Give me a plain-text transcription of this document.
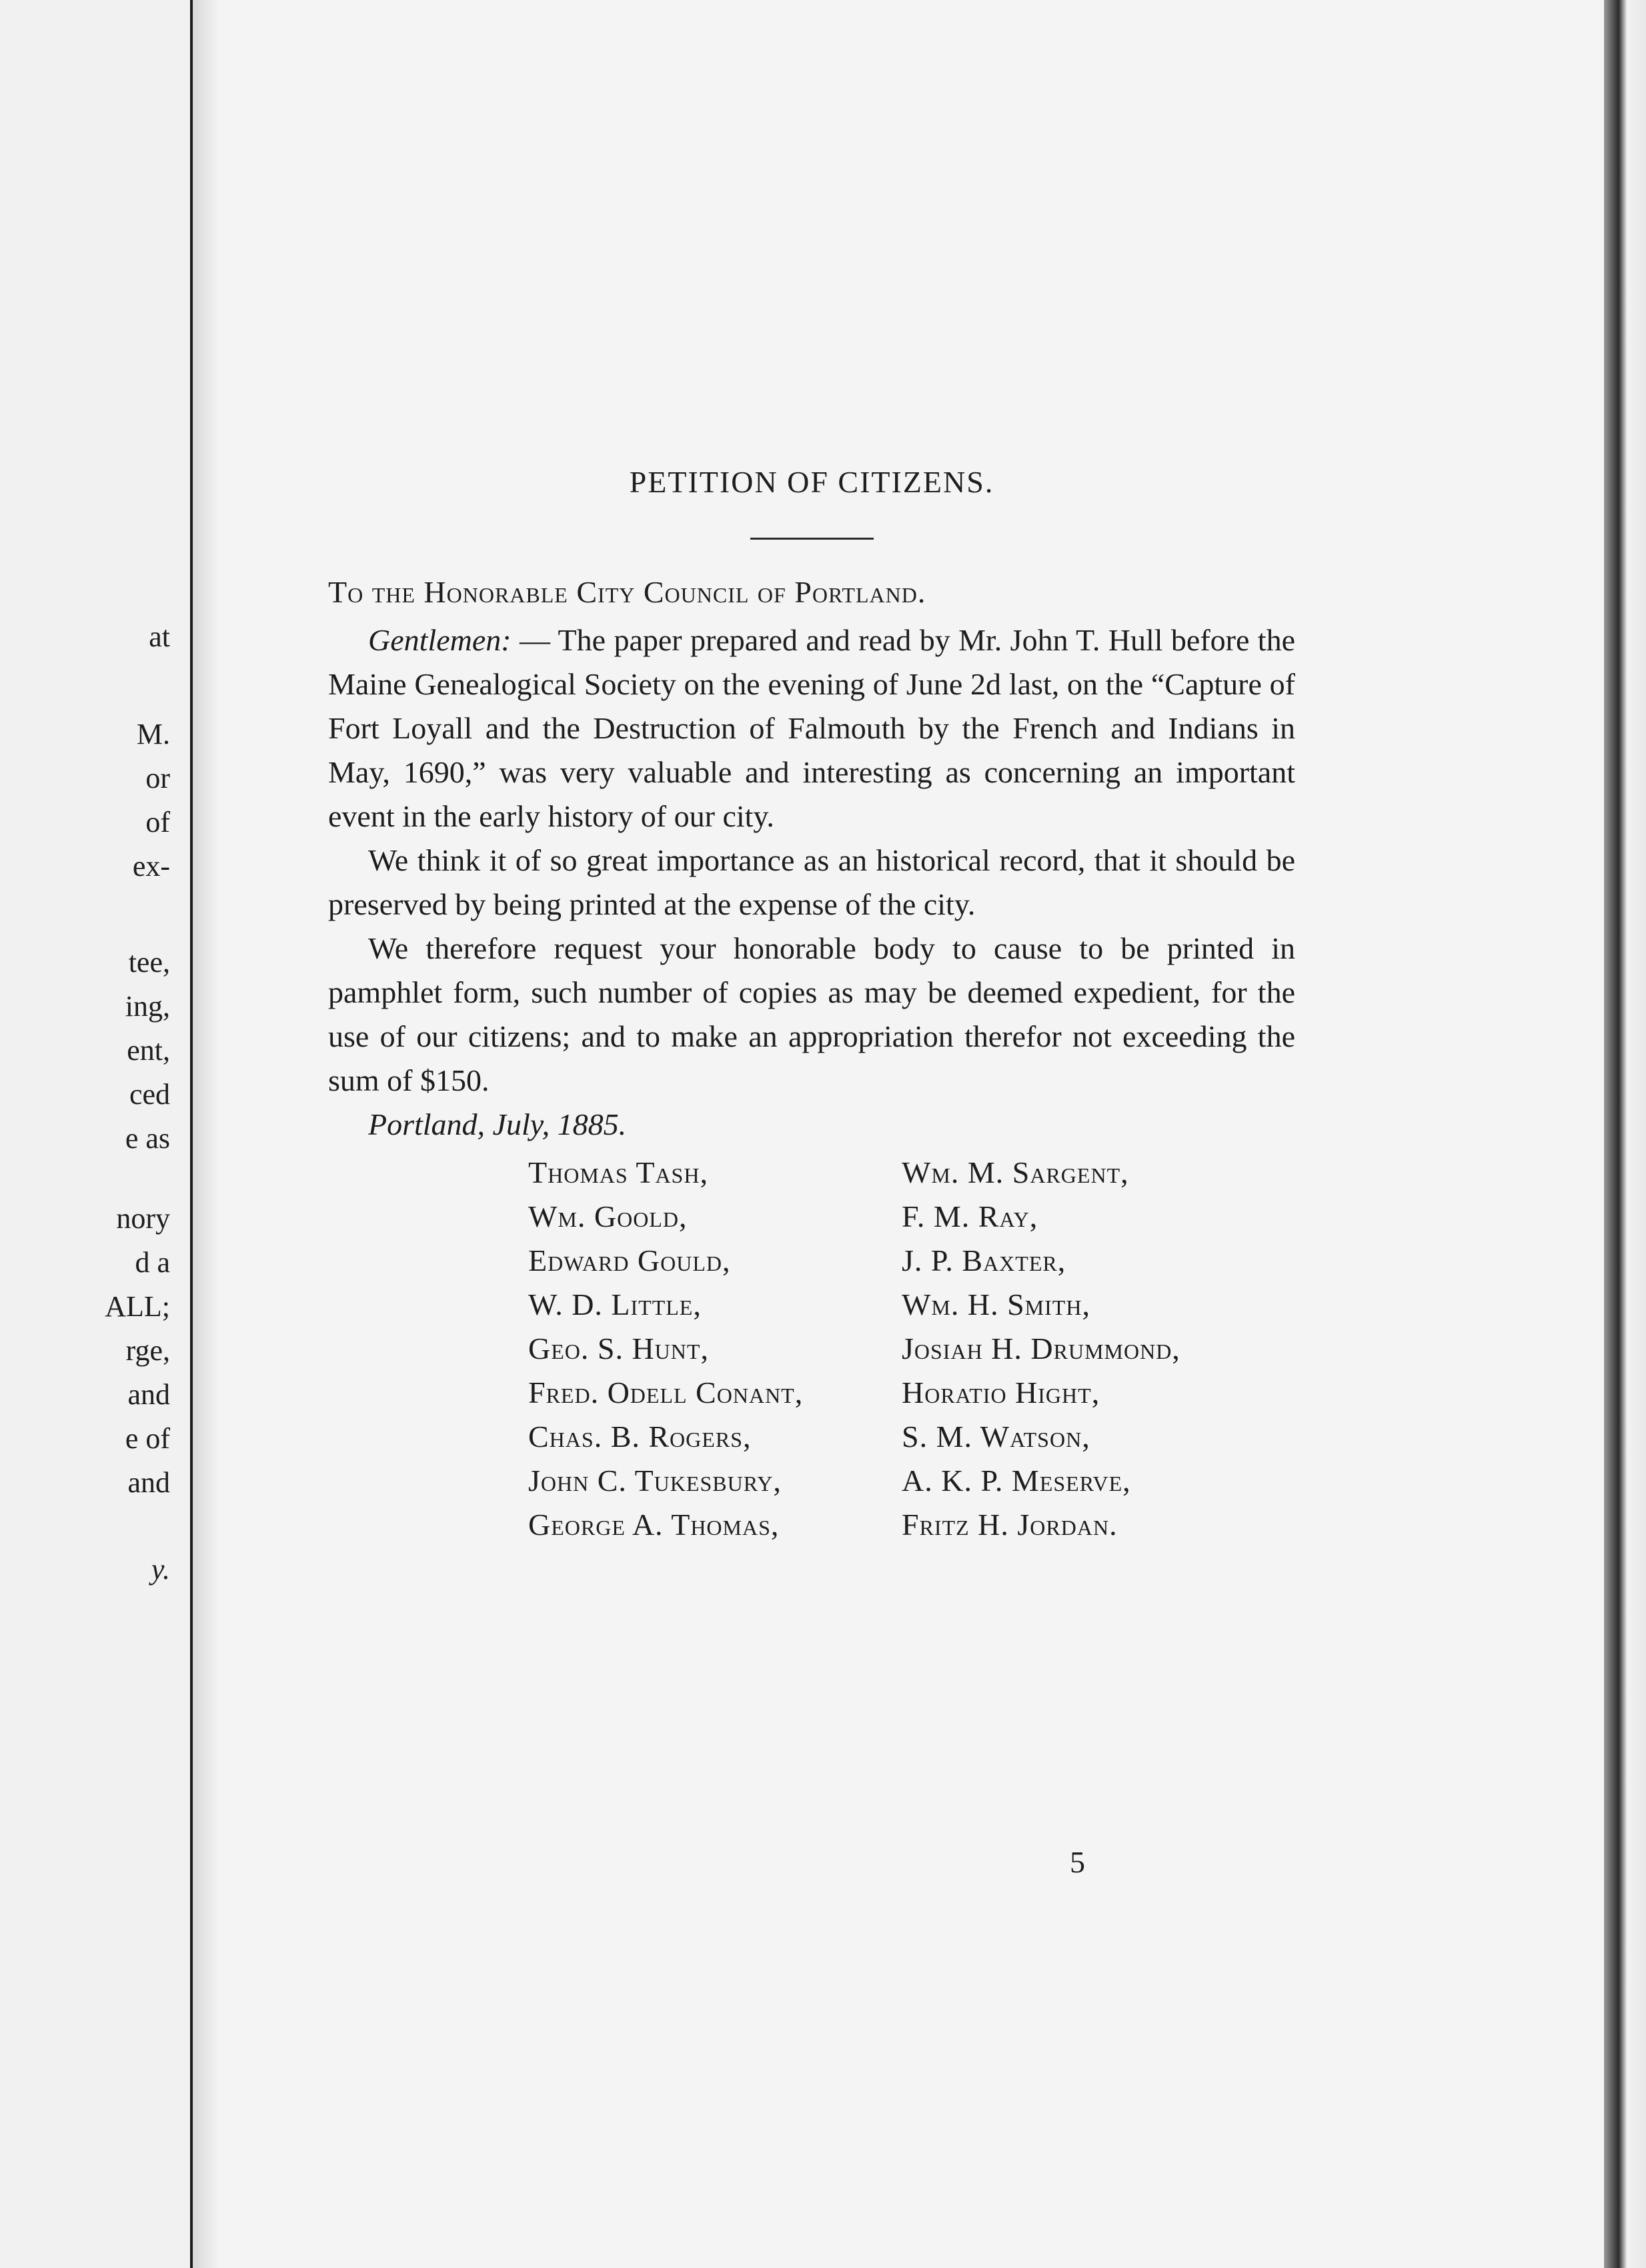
at
M.
or
of
ex-
tee,
ing,
ent,
ced
e as
nory
d a
ALL;
rge,
and
e of
and
y.
PETITION OF CITIZENS.

To the Honorable City Council of Portland.

Gentlemen: — The paper prepared and read by Mr. John T. Hull before the Maine Genealogical Society on the evening of June 2d last, on the “Capture of Fort Loyall and the Destruction of Falmouth by the French and Indians in May, 1690,” was very valuable and interesting as concerning an important event in the early history of our city.

We think it of so great importance as an historical record, that it should be preserved by being printed at the expense of the city.

We therefore request your honorable body to cause to be printed in pamphlet form, such number of copies as may be deemed expedient, for the use of our citizens; and to make an appropriation therefor not exceeding the sum of $150.

Portland, July, 1885.

Thomas Tash,	Wm. M. Sargent,
Wm. Goold,	F. M. Ray,
Edward Gould,	J. P. Baxter,
W. D. Little,	Wm. H. Smith,
Geo. S. Hunt,	Josiah H. Drummond,
Fred. Odell Conant,	Horatio Hight,
Chas. B. Rogers,	S. M. Watson,
John C. Tukesbury,	A. K. P. Meserve,
George A. Thomas,	Fritz H. Jordan.

5
